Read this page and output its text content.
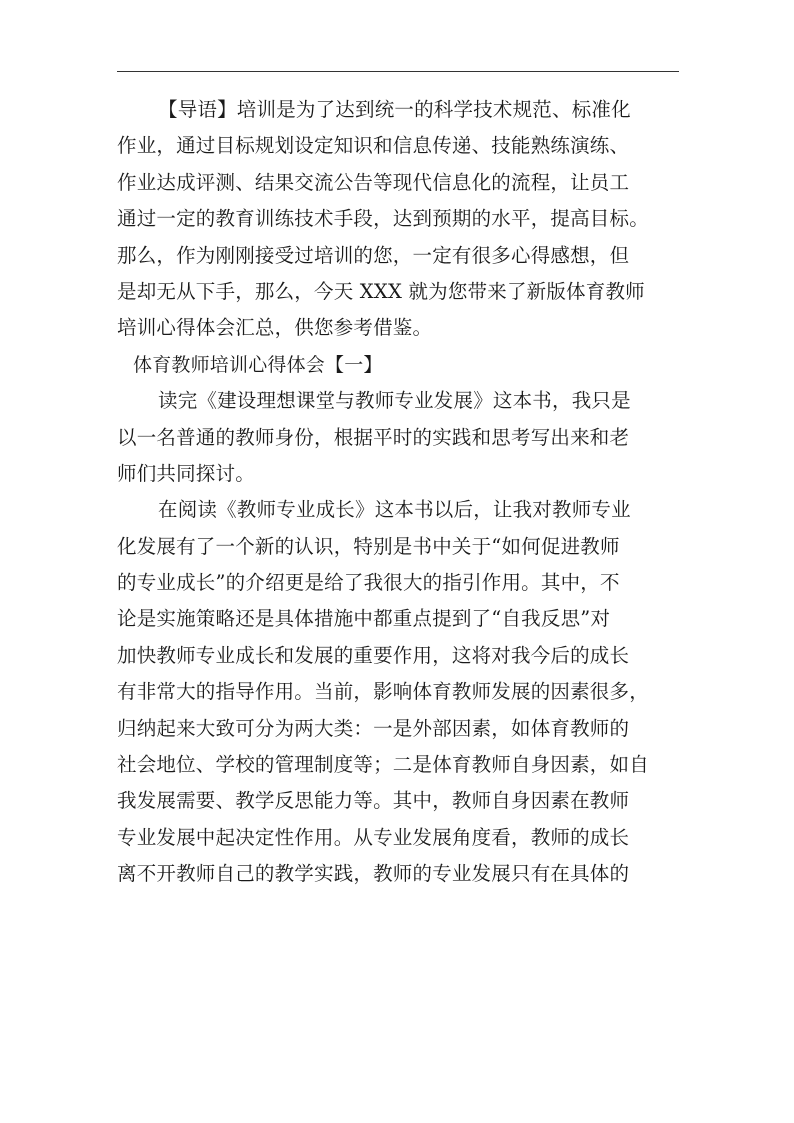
【导语】培训是为了达到统一的科学技术规范、标准化
作业，通过目标规划设定知识和信息传递、技能熟练演练、
作业达成评测、结果交流公告等现代信息化的流程，让员工
通过一定的教育训练技术手段，达到预期的水平，提高目标。
那么，作为刚刚接受过培训的您，一定有很多心得感想，但
是却无从下手，那么，今天 XXX 就为您带来了新版体育教师
培训心得体会汇总，供您参考借鉴。
体育教师培训心得体会【一】
读完《建设理想课堂与教师专业发展》这本书，我只是
以一名普通的教师身份，根据平时的实践和思考写出来和老
师们共同探讨。
在阅读《教师专业成长》这本书以后，让我对教师专业
化发展有了一个新的认识，特别是书中关于“如何促进教师
的专业成长”的介绍更是给了我很大的指引作用。其中，不
论是实施策略还是具体措施中都重点提到了“自我反思”对
加快教师专业成长和发展的重要作用，这将对我今后的成长
有非常大的指导作用。当前，影响体育教师发展的因素很多，
归纳起来大致可分为两大类：一是外部因素，如体育教师的
社会地位、学校的管理制度等；二是体育教师自身因素，如自
我发展需要、教学反思能力等。其中，教师自身因素在教师
专业发展中起决定性作用。从专业发展角度看，教师的成长
离不开教师自己的教学实践，教师的专业发展只有在具体的
